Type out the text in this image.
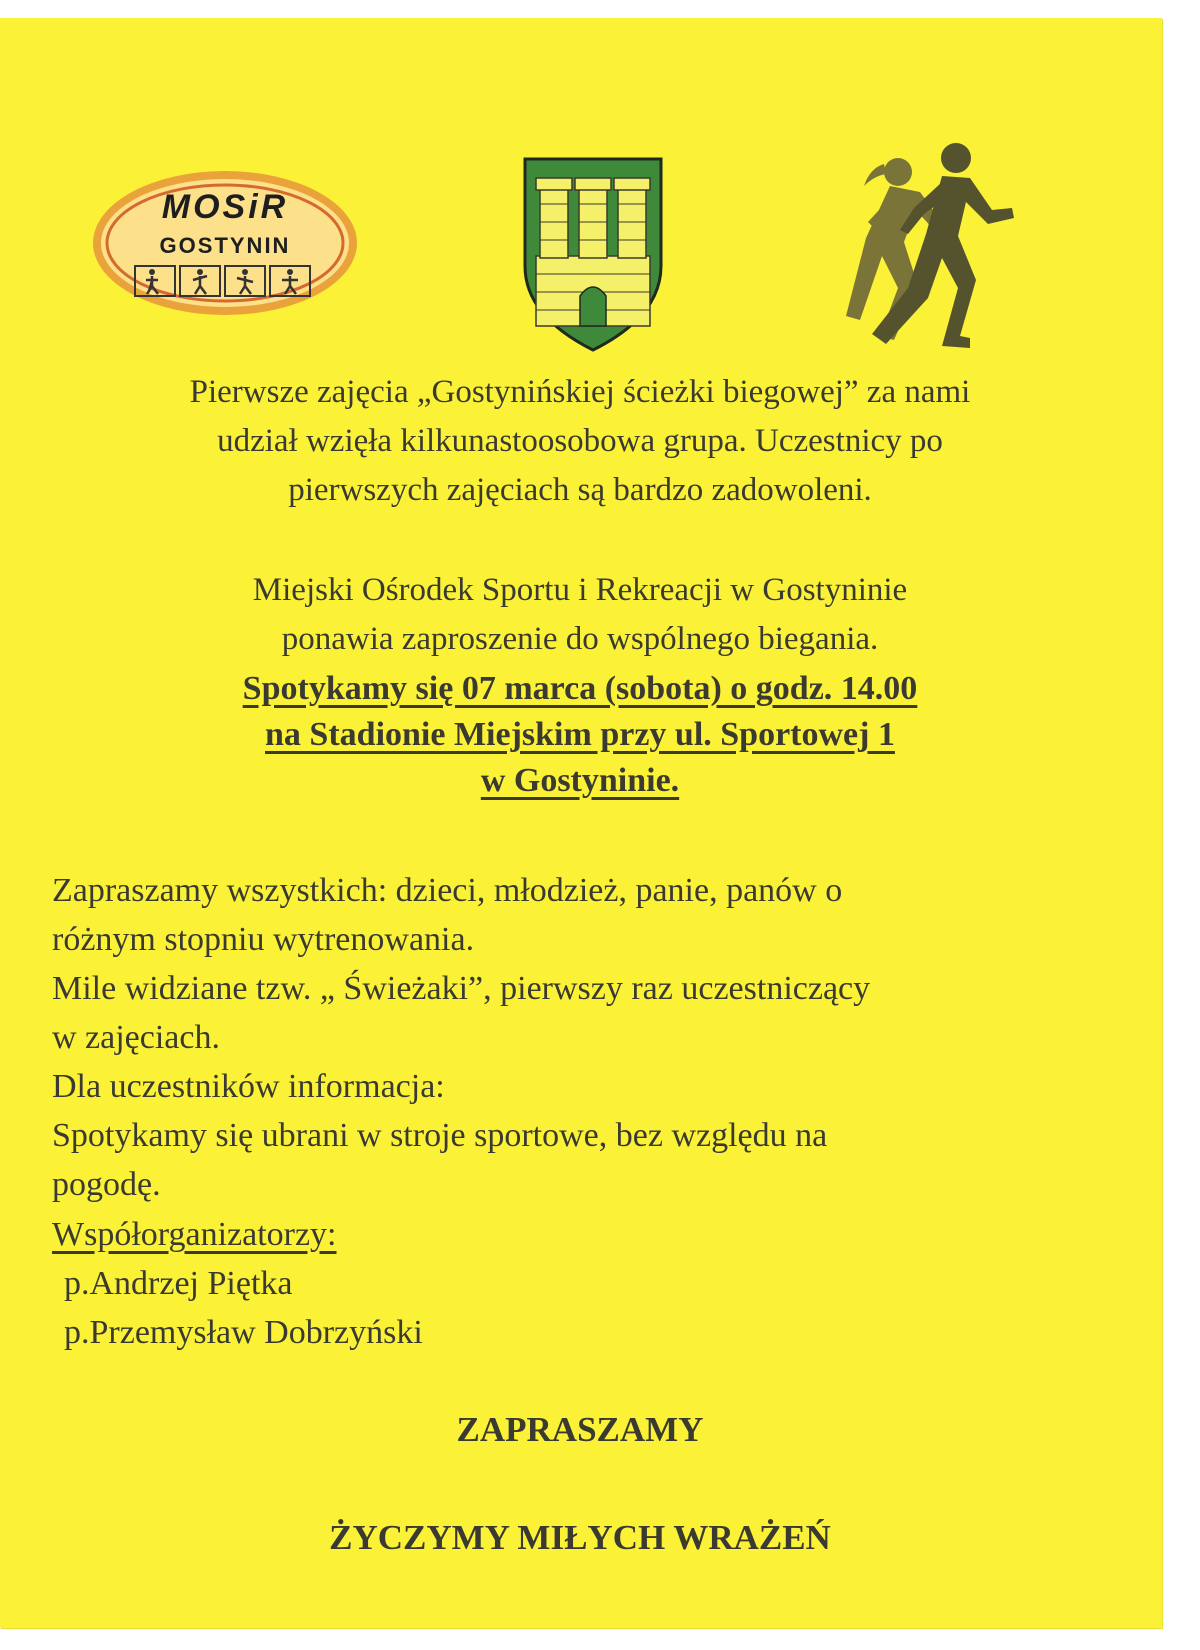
MOSiR
GOSTYNIN

Pierwsze zajęcia „Gostynińskiej ścieżki biegowej” za nami
udział wzięła kilkunastoosobowa grupa. Uczestnicy po
pierwszych zajęciach są bardzo zadowoleni.

Miejski Ośrodek Sportu i Rekreacji w Gostyninie
ponawia zaproszenie do wspólnego biegania.

Spotykamy się 07 marca (sobota) o godz. 14.00
na Stadionie Miejskim przy ul. Sportowej 1
w Gostyninie.

Zapraszamy wszystkich: dzieci, młodzież, panie, panów o
różnym stopniu wytrenowania.
Mile widziane tzw. „ Świeżaki”, pierwszy raz uczestniczący
w zajęciach.
Dla uczestników informacja:
Spotykamy się ubrani w stroje sportowe, bez względu na
pogodę.

Współorganizatorzy:
p.Andrzej Piętka
p.Przemysław Dobrzyński

ZAPRASZAMY

ŻYCZYMY MIŁYCH WRAŻEŃ
